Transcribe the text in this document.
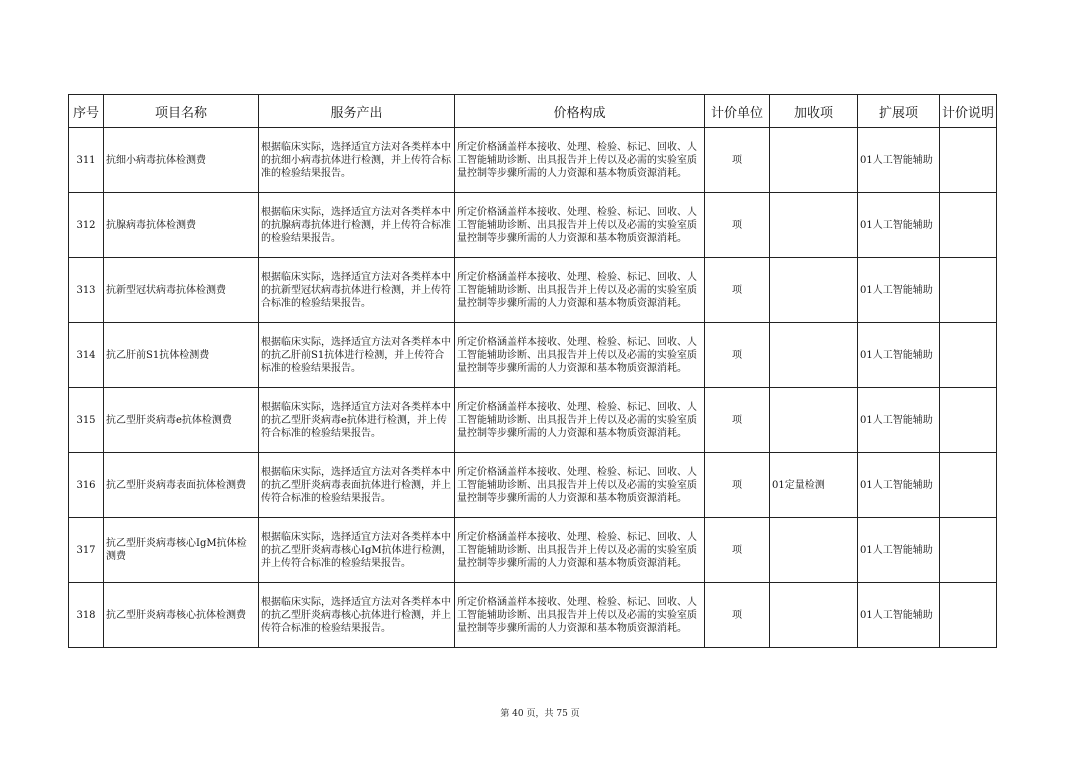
序号	项目名称	服务产出	价格构成	计价单位	加收项	扩展项	计价说明
311	抗细小病毒抗体检测费	根据临床实际，选择适宜方法对各类样本中的抗细小病毒抗体进行检测，并上传符合标准的检验结果报告。	所定价格涵盖样本接收、处理、检验、标记、回收、人工智能辅助诊断、出具报告并上传以及必需的实验室质量控制等步骤所需的人力资源和基本物质资源消耗。	项		01人工智能辅助	
312	抗腺病毒抗体检测费	根据临床实际，选择适宜方法对各类样本中的抗腺病毒抗体进行检测，并上传符合标准的检验结果报告。	所定价格涵盖样本接收、处理、检验、标记、回收、人工智能辅助诊断、出具报告并上传以及必需的实验室质量控制等步骤所需的人力资源和基本物质资源消耗。	项		01人工智能辅助	
313	抗新型冠状病毒抗体检测费	根据临床实际，选择适宜方法对各类样本中的抗新型冠状病毒抗体进行检测，并上传符合标准的检验结果报告。	所定价格涵盖样本接收、处理、检验、标记、回收、人工智能辅助诊断、出具报告并上传以及必需的实验室质量控制等步骤所需的人力资源和基本物质资源消耗。	项		01人工智能辅助	
314	抗乙肝前S1抗体检测费	根据临床实际，选择适宜方法对各类样本中的抗乙肝前S1抗体进行检测，并上传符合标准的检验结果报告。	所定价格涵盖样本接收、处理、检验、标记、回收、人工智能辅助诊断、出具报告并上传以及必需的实验室质量控制等步骤所需的人力资源和基本物质资源消耗。	项		01人工智能辅助	
315	抗乙型肝炎病毒e抗体检测费	根据临床实际，选择适宜方法对各类样本中的抗乙型肝炎病毒e抗体进行检测，并上传符合标准的检验结果报告。	所定价格涵盖样本接收、处理、检验、标记、回收、人工智能辅助诊断、出具报告并上传以及必需的实验室质量控制等步骤所需的人力资源和基本物质资源消耗。	项		01人工智能辅助	
316	抗乙型肝炎病毒表面抗体检测费	根据临床实际，选择适宜方法对各类样本中的抗乙型肝炎病毒表面抗体进行检测，并上传符合标准的检验结果报告。	所定价格涵盖样本接收、处理、检验、标记、回收、人工智能辅助诊断、出具报告并上传以及必需的实验室质量控制等步骤所需的人力资源和基本物质资源消耗。	项	01定量检测	01人工智能辅助	
317	抗乙型肝炎病毒核心IgM抗体检测费	根据临床实际，选择适宜方法对各类样本中的抗乙型肝炎病毒核心IgM抗体进行检测，并上传符合标准的检验结果报告。	所定价格涵盖样本接收、处理、检验、标记、回收、人工智能辅助诊断、出具报告并上传以及必需的实验室质量控制等步骤所需的人力资源和基本物质资源消耗。	项		01人工智能辅助	
318	抗乙型肝炎病毒核心抗体检测费	根据临床实际，选择适宜方法对各类样本中的抗乙型肝炎病毒核心抗体进行检测，并上传符合标准的检验结果报告。	所定价格涵盖样本接收、处理、检验、标记、回收、人工智能辅助诊断、出具报告并上传以及必需的实验室质量控制等步骤所需的人力资源和基本物质资源消耗。	项		01人工智能辅助	
第 40 页，共 75 页
